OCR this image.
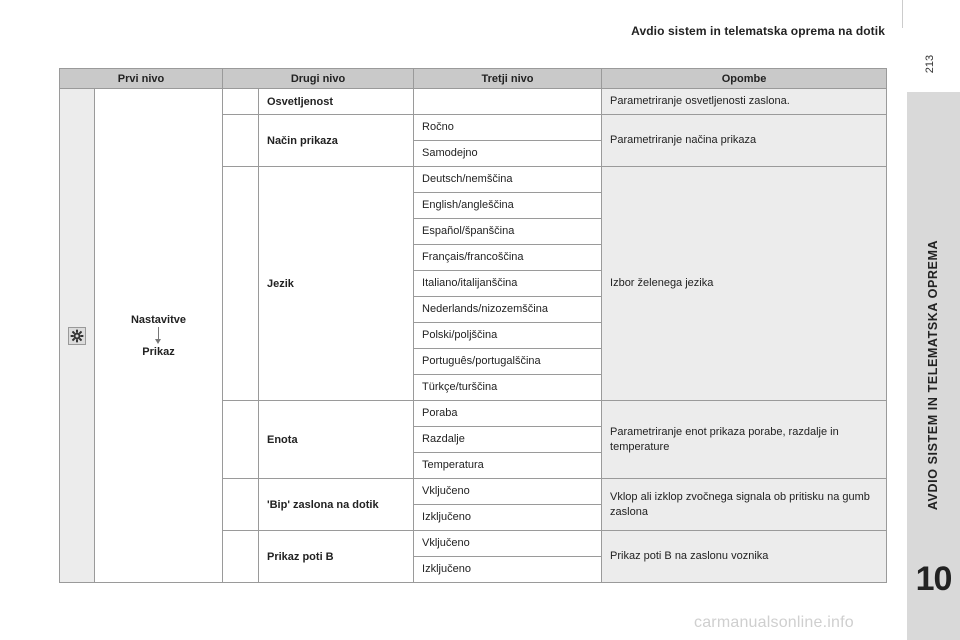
Avdio sistem in telematska oprema na dotik
213
AVDIO SISTEM IN TELEMATSKA OPREMA
10
Prvi nivo		Drugi nivo		Tretji nivo	Opombe

Nastavitve
Prikaz		Osvetljenost		Parametriranje osvetljenosti zaslona.
			Način prikaza	Ročno	Parametriranje načina prikaza
				Samodejno	
			Jezik	Deutsch/nemščina	Izbor želenega jezika
				English/angleščina	
				Español/španščina	
				Français/francoščina	
				Italiano/italijanščina	
				Nederlands/nizozemščina	
				Polski/poljščina	
				Português/portugalščina	
				Türkçe/turščina	
			Enota	Poraba	Parametriranje enot prikaza porabe, razdalje in temperature
				Razdalje	
				Temperatura	
			'Bip' zaslona na dotik	Vključeno	Vklop ali izklop zvočnega signala ob pritisku na gumb zaslona
				Izključeno	
			Prikaz poti B	Vključeno	Prikaz poti B na zaslonu voznika
				Izključeno	
carmanualsonline.info
